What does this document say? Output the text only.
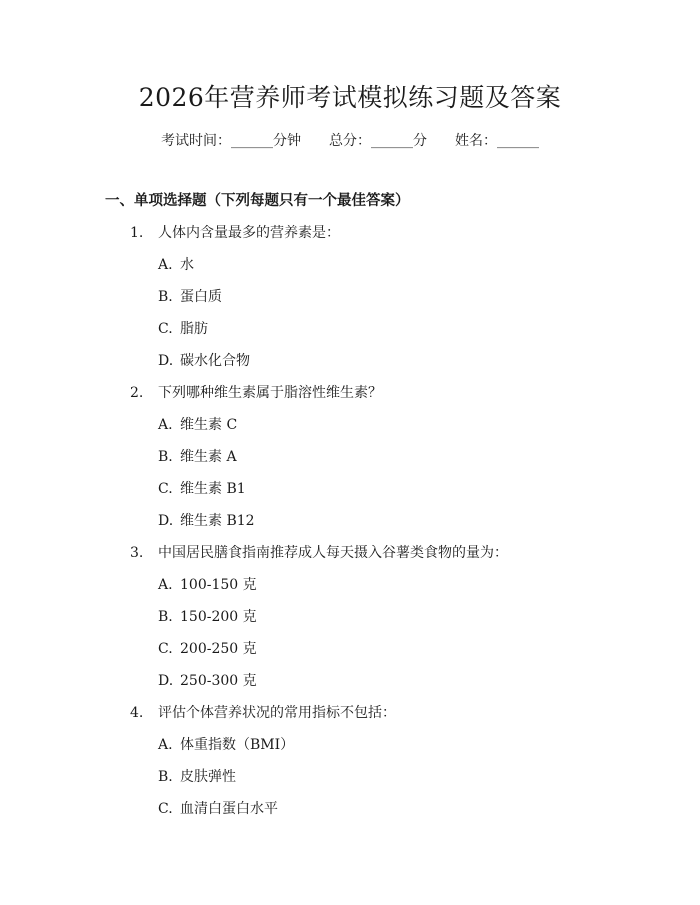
2026年营养师考试模拟练习题及答案
考试时间：______分钟 总分：______分 姓名：______
一、单项选择题（下列每题只有一个最佳答案）
1. 人体内含量最多的营养素是：
A. 水
B. 蛋白质
C. 脂肪
D. 碳水化合物
2. 下列哪种维生素属于脂溶性维生素？
A. 维生素 C
B. 维生素 A
C. 维生素 B1
D. 维生素 B12
3. 中国居民膳食指南推荐成人每天摄入谷薯类食物的量为：
A. 100-150 克
B. 150-200 克
C. 200-250 克
D. 250-300 克
4. 评估个体营养状况的常用指标不包括：
A. 体重指数（BMI）
B. 皮肤弹性
C. 血清白蛋白水平
